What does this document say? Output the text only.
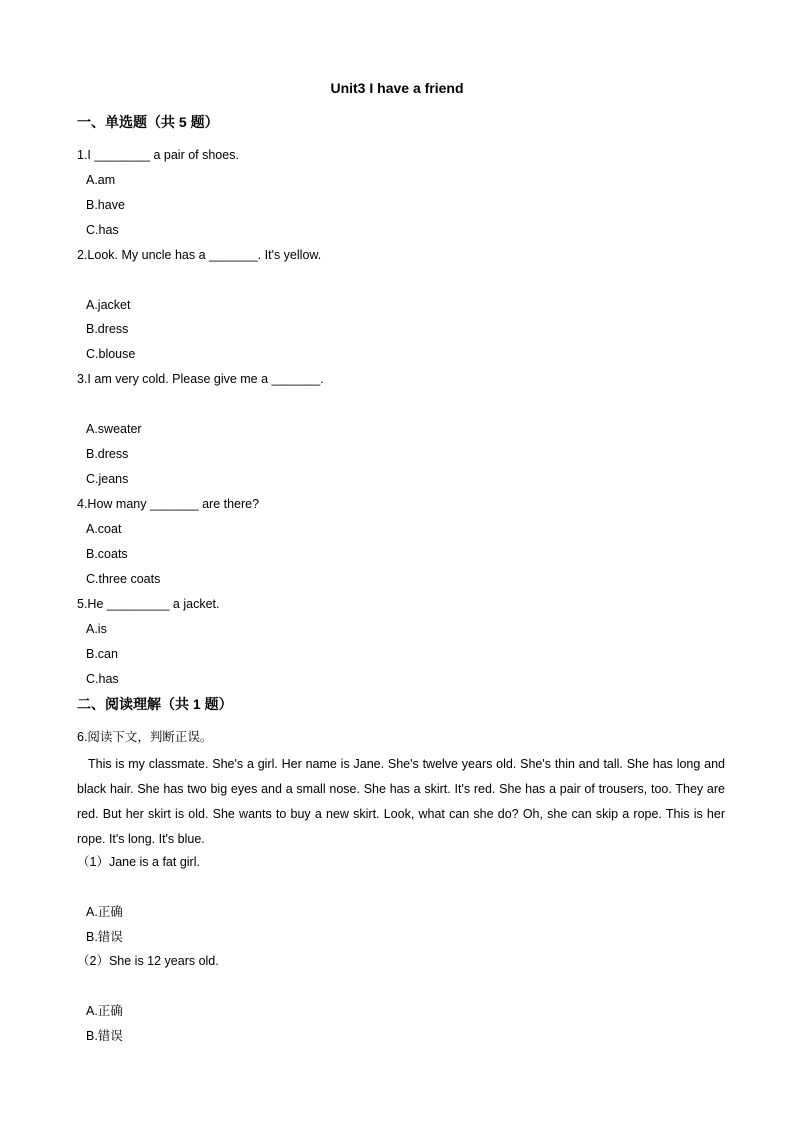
Unit3 I have a friend
一、单选题（共 5 题）
1.I ________ a pair of shoes.
A.am
B.have
C.has
2.Look. My uncle has a _______. It's yellow.
A.jacket
B.dress
C.blouse
3.I am very cold. Please give me a _______.
A.sweater
B.dress
C.jeans
4.How many _______ are there?
A.coat
B.coats
C.three coats
5.He _________ a jacket.
A.is
B.can
C.has
二、阅读理解（共 1 题）
6.阅读下文，判断正误。
This is my classmate. She's a girl. Her name is Jane. She's twelve years old. She's thin and tall. She has long and black hair. She has two big eyes and a small nose. She has a skirt. It's red. She has a pair of trousers, too. They are red. But her skirt is old. She wants to buy a new skirt. Look, what can she do? Oh, she can skip a rope. This is her rope. It's long. It's blue.
（1）Jane is a fat girl.
A.正确
B.错误
（2）She is 12 years old.
A.正确
B.错误
